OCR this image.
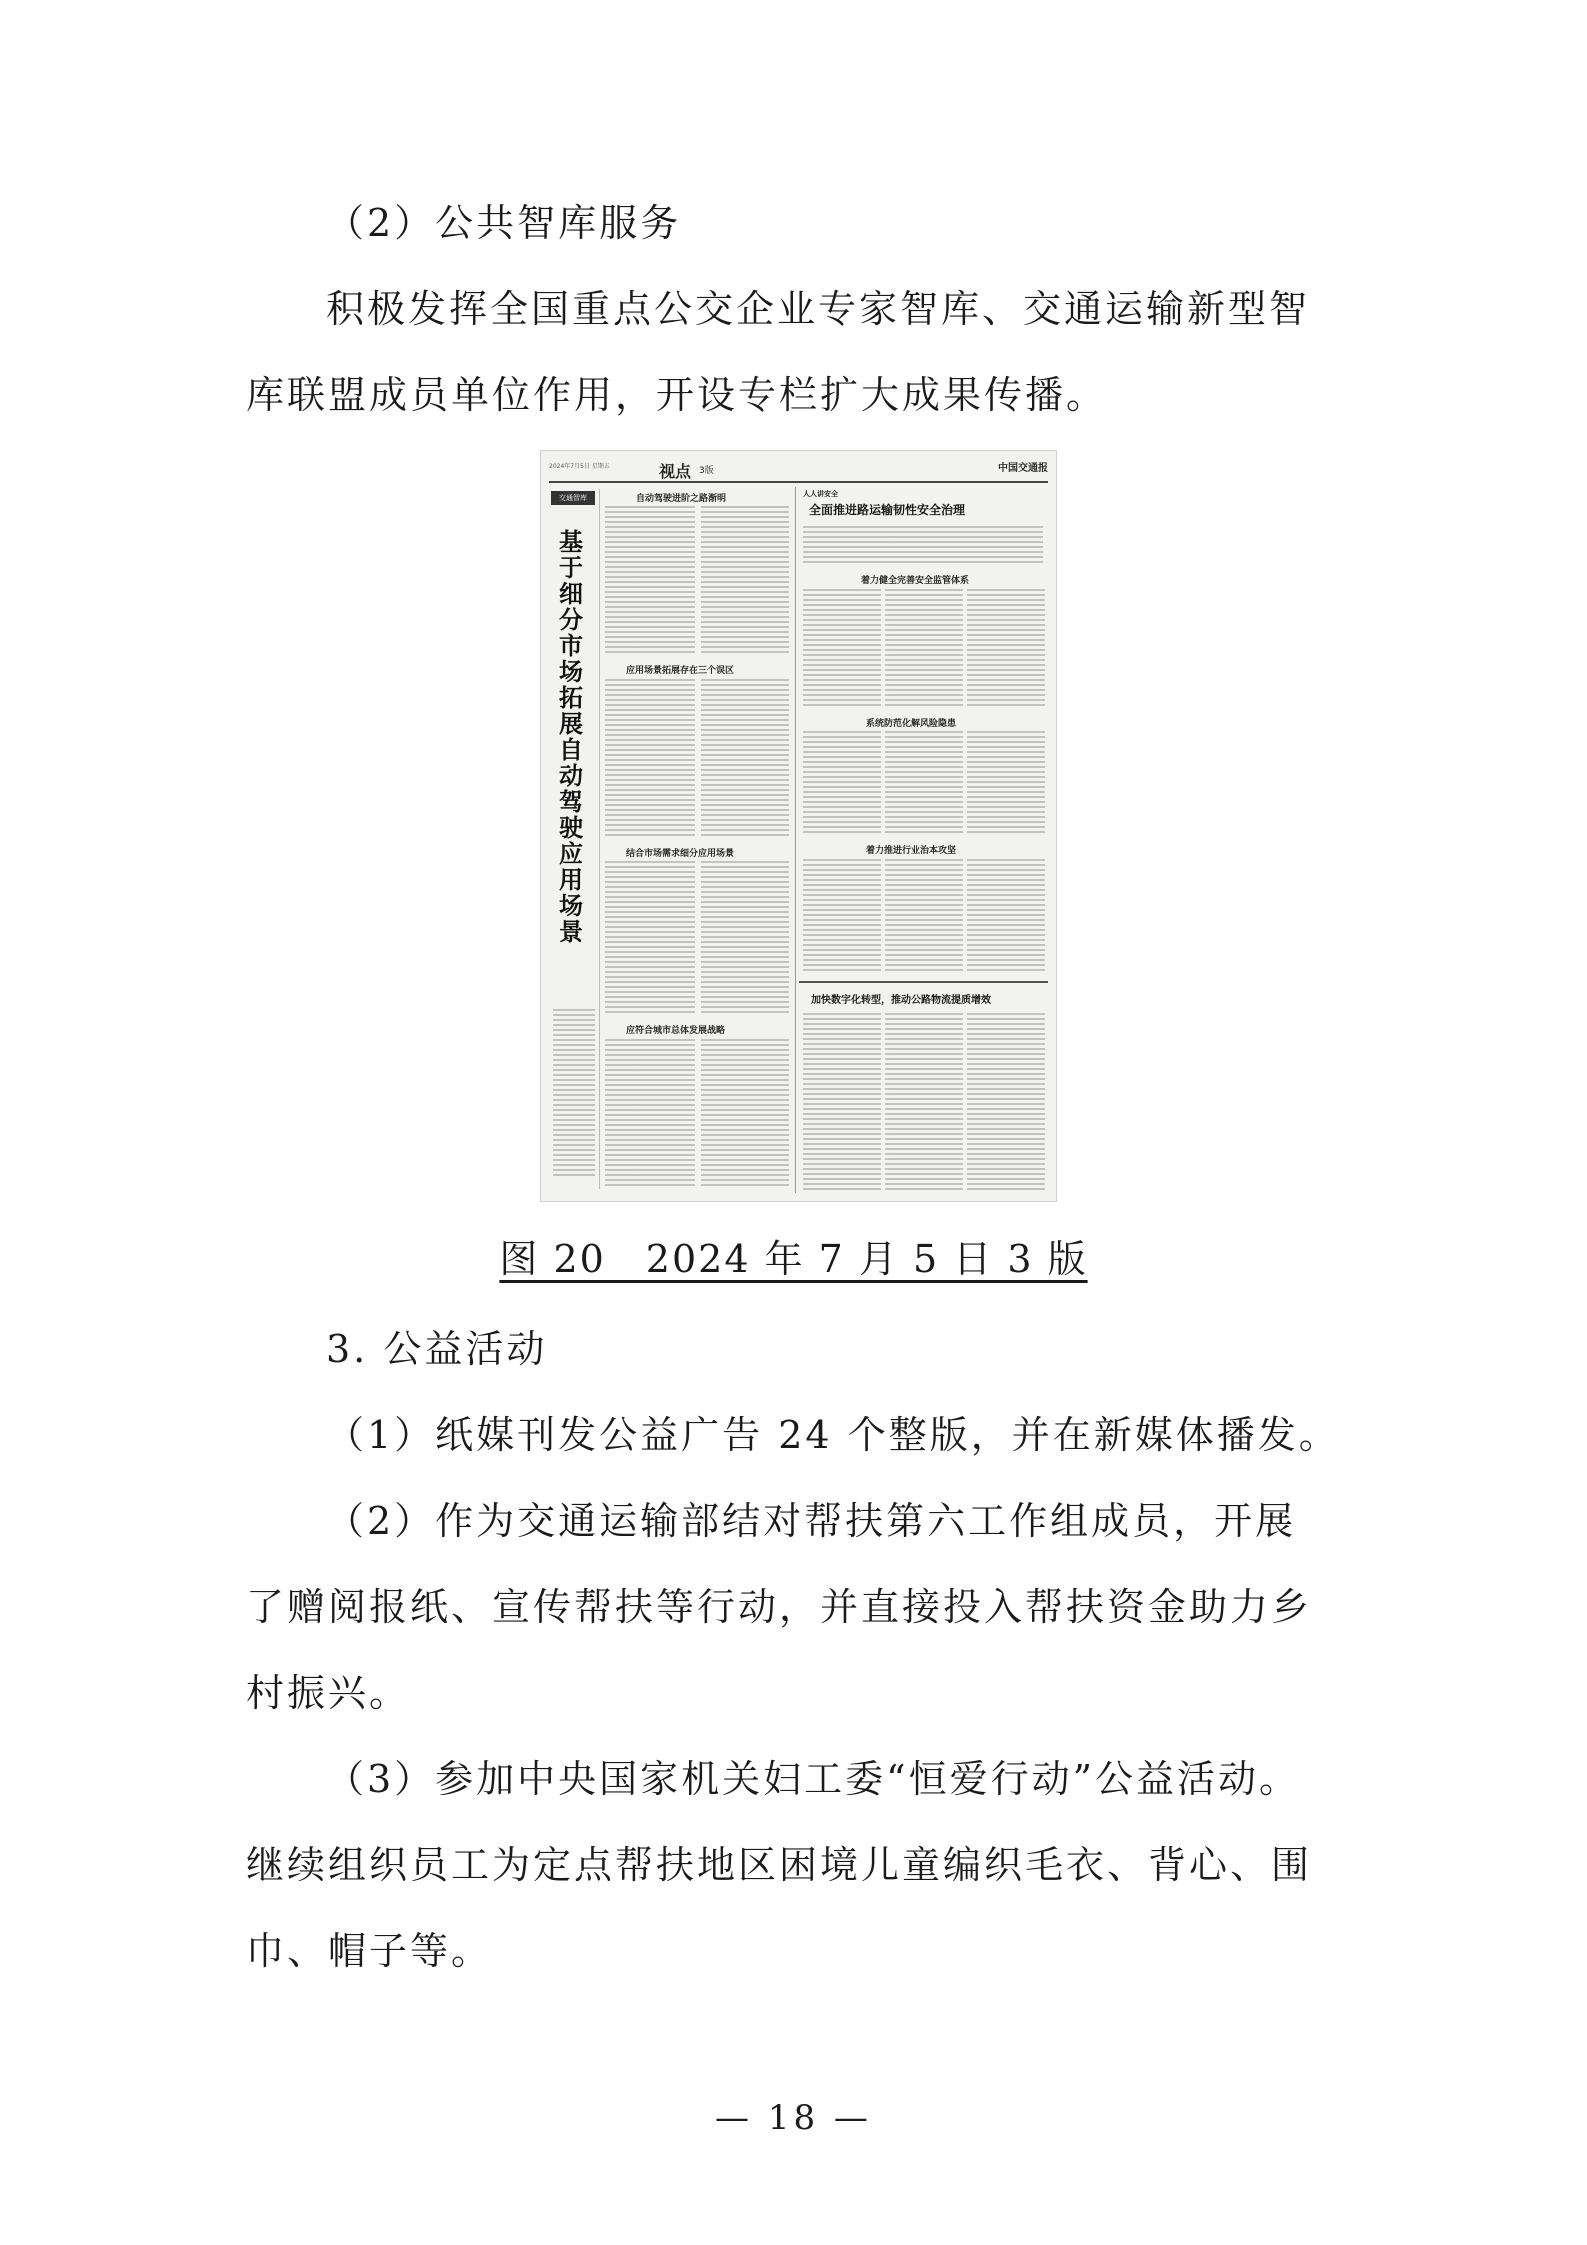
（2）公共智库服务

积极发挥全国重点公交企业专家智库、交通运输新型智

库联盟成员单位作用，开设专栏扩大成果传播。

2024年7月5日 星期五	视点 3版	中国交通报
交通智库
基于细分市场拓展自动驾驶应用场景
自动驾驶进阶之路渐明
应用场景拓展存在三个误区
结合市场需求细分应用场景
应符合城市总体发展战略
人人讲安全
全面推进路运输韧性安全治理
着力健全完善安全监管体系
系统防范化解风险隐患
着力推进行业治本攻坚
加快数字化转型，推动公路物流提质增效
图 20　2024 年 7 月 5 日 3 版

3. 公益活动

（1）纸媒刊发公益广告 24 个整版，并在新媒体播发。

（2）作为交通运输部结对帮扶第六工作组成员，开展

了赠阅报纸、宣传帮扶等行动，并直接投入帮扶资金助力乡

村振兴。

（3）参加中央国家机关妇工委“恒爱行动”公益活动。

继续组织员工为定点帮扶地区困境儿童编织毛衣、背心、围

巾、帽子等。

— 18 —
